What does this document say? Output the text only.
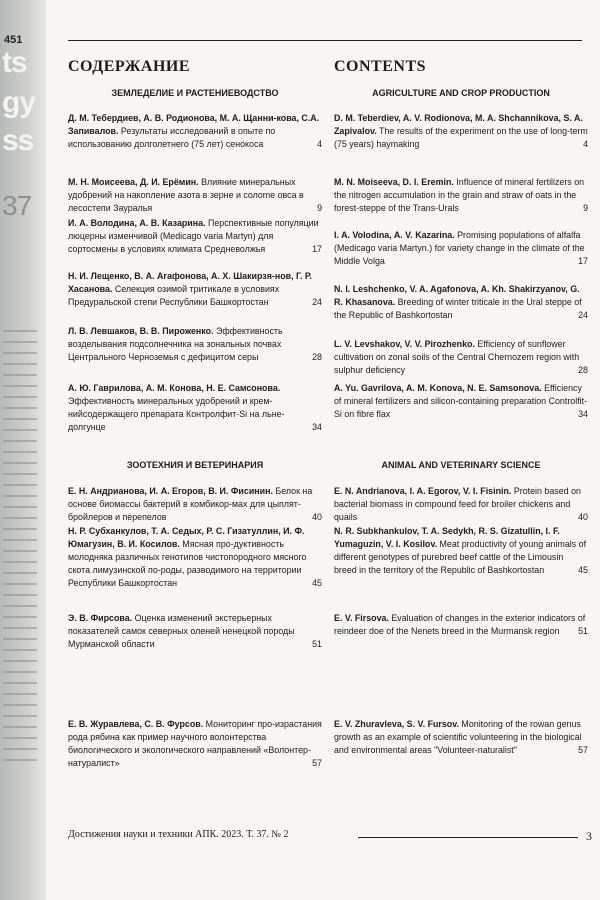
451
ts
gy
ss
37
СОДЕРЖАНИЕ	CONTENTS
ЗЕМЛЕДЕЛИЕ И РАСТЕНИЕВОДСТВО	AGRICULTURE AND CROP PRODUCTION
ЗООТЕХНИЯ И ВЕТЕРИНАРИЯ	ANIMAL AND VETERINARY SCIENCE
Д. М. Тебердиев, А. В. Родионова, М. А. Щанни-кова, С.А. Запивалов. Результаты исследований в опыте по использованию долголетнего (75 лет) сенокоса	4
М. Н. Моисеева, Д. И. Ерёмин. Влияние минеральных удобрений на накопление азота в зерне и солome овса в лесостепи Зауралья	9
И. А. Володина, А. В. Казарина. Перспективные популяции люцерны изменчивой (Medicago varia Martyn) для сортосмены в условиях климата Средневолжья	17
Н. И. Лещенко, В. А. Агафонова, А. Х. Шакирзя-нов, Г. Р. Хасанова. Селекция озимой тритикале в условиях Предуральской степи Республики Башкортостан	24
Л. В. Левшаков, В. В. Пироженко. Эффективность возделывания подсолнечника на зональных почвах Центрального Черноземья с дефицитом серы	28
А. Ю. Гаврилова, А. М. Конова, Н. Е. Самсонова. Эффективность минеральных удобрений и крем-нийсодержащего препарата Контролфит-Si на льне-долгунце	34
Е. Н. Андрианова, И. А. Егоров, В. И. Фисинин. Белок на основе биомассы бактерий в комбикор-мах для цыплят-бройлеров и перепелов	40
Н. Р. Субханкулов, Т. А. Седых, Р. С. Гизатуллин, И. Ф. Юмагузин, В. И. Косилов. Мясная про-дуктивность молодняка различных генотипов чистопородного мясного скота лимузинской по-роды, разводимого на территории Республики Башкортостан	45
Э. В. Фирсова. Оценка изменений экстерьерных показателей самок северных оленей ненецкой породы Мурманской области	51
Е. В. Журавлева, С. В. Фурсов. Мониторинг про-израстания рода рябина как пример научного волонтерства биологического и экологического направлений «Волонтер-натуралист»	57
D. M. Teberdiev, A. V. Rodionova, M. A. Shchannikova, S. A. Zapivalov. The results of the experiment on the use of long-term (75 years) haymaking	4
M. N. Moiseeva, D. I. Eremin. Influence of mineral fertilizers on the nitrogen accumulation in the grain and straw of oats in the forest-steppe of the Trans-Urals	9
I. A. Volodina, A. V. Kazarina. Promising populations of alfalfa (Medicago varia Martyn.) for variety change in the climate of the Middle Volga	17
N. I. Leshchenko, V. A. Agafonova, A. Kh. Shakirzyanov, G. R. Khasanova. Breeding of winter triticale in the Ural steppe of the Republic of Bashkortostan	24
L. V. Levshakov, V. V. Pirozhenko. Efficiency of sunflower cultivation on zonal soils of the Central Chernozem region with sulphur deficiency	28
A. Yu. Gavrilova, A. M. Konova, N. E. Samsonova. Efficiency of mineral fertilizers and silicon-containing preparation Controlfit-Si on fibre flax	34
E. N. Andrianova, I. A. Egorov, V. I. Fisinin. Protein based on bacterial biomass in compound feed for broiler chickens and quails	40
N. R. Subkhankulov, T. A. Sedykh, R. S. Gizatullin, I. F. Yumaguzin, V. I. Kosilov. Meat productivity of young animals of different genotypes of purebred beef cattle of the Limousin breed in the territory of the Republic of Bashkortostan	45
E. V. Firsova. Evaluation of changes in the exterior indicators of reindeer doe of the Nenets breed in the Murmansk region 51
E. V. Zhuravleva, S. V. Fursov. Monitoring of the rowan genus growth as an example of scientific volunteering in the biological and environmental areas "Volunteer-naturalist"	57
Достижения науки и техники АПК. 2023. Т. 37. № 2	3
